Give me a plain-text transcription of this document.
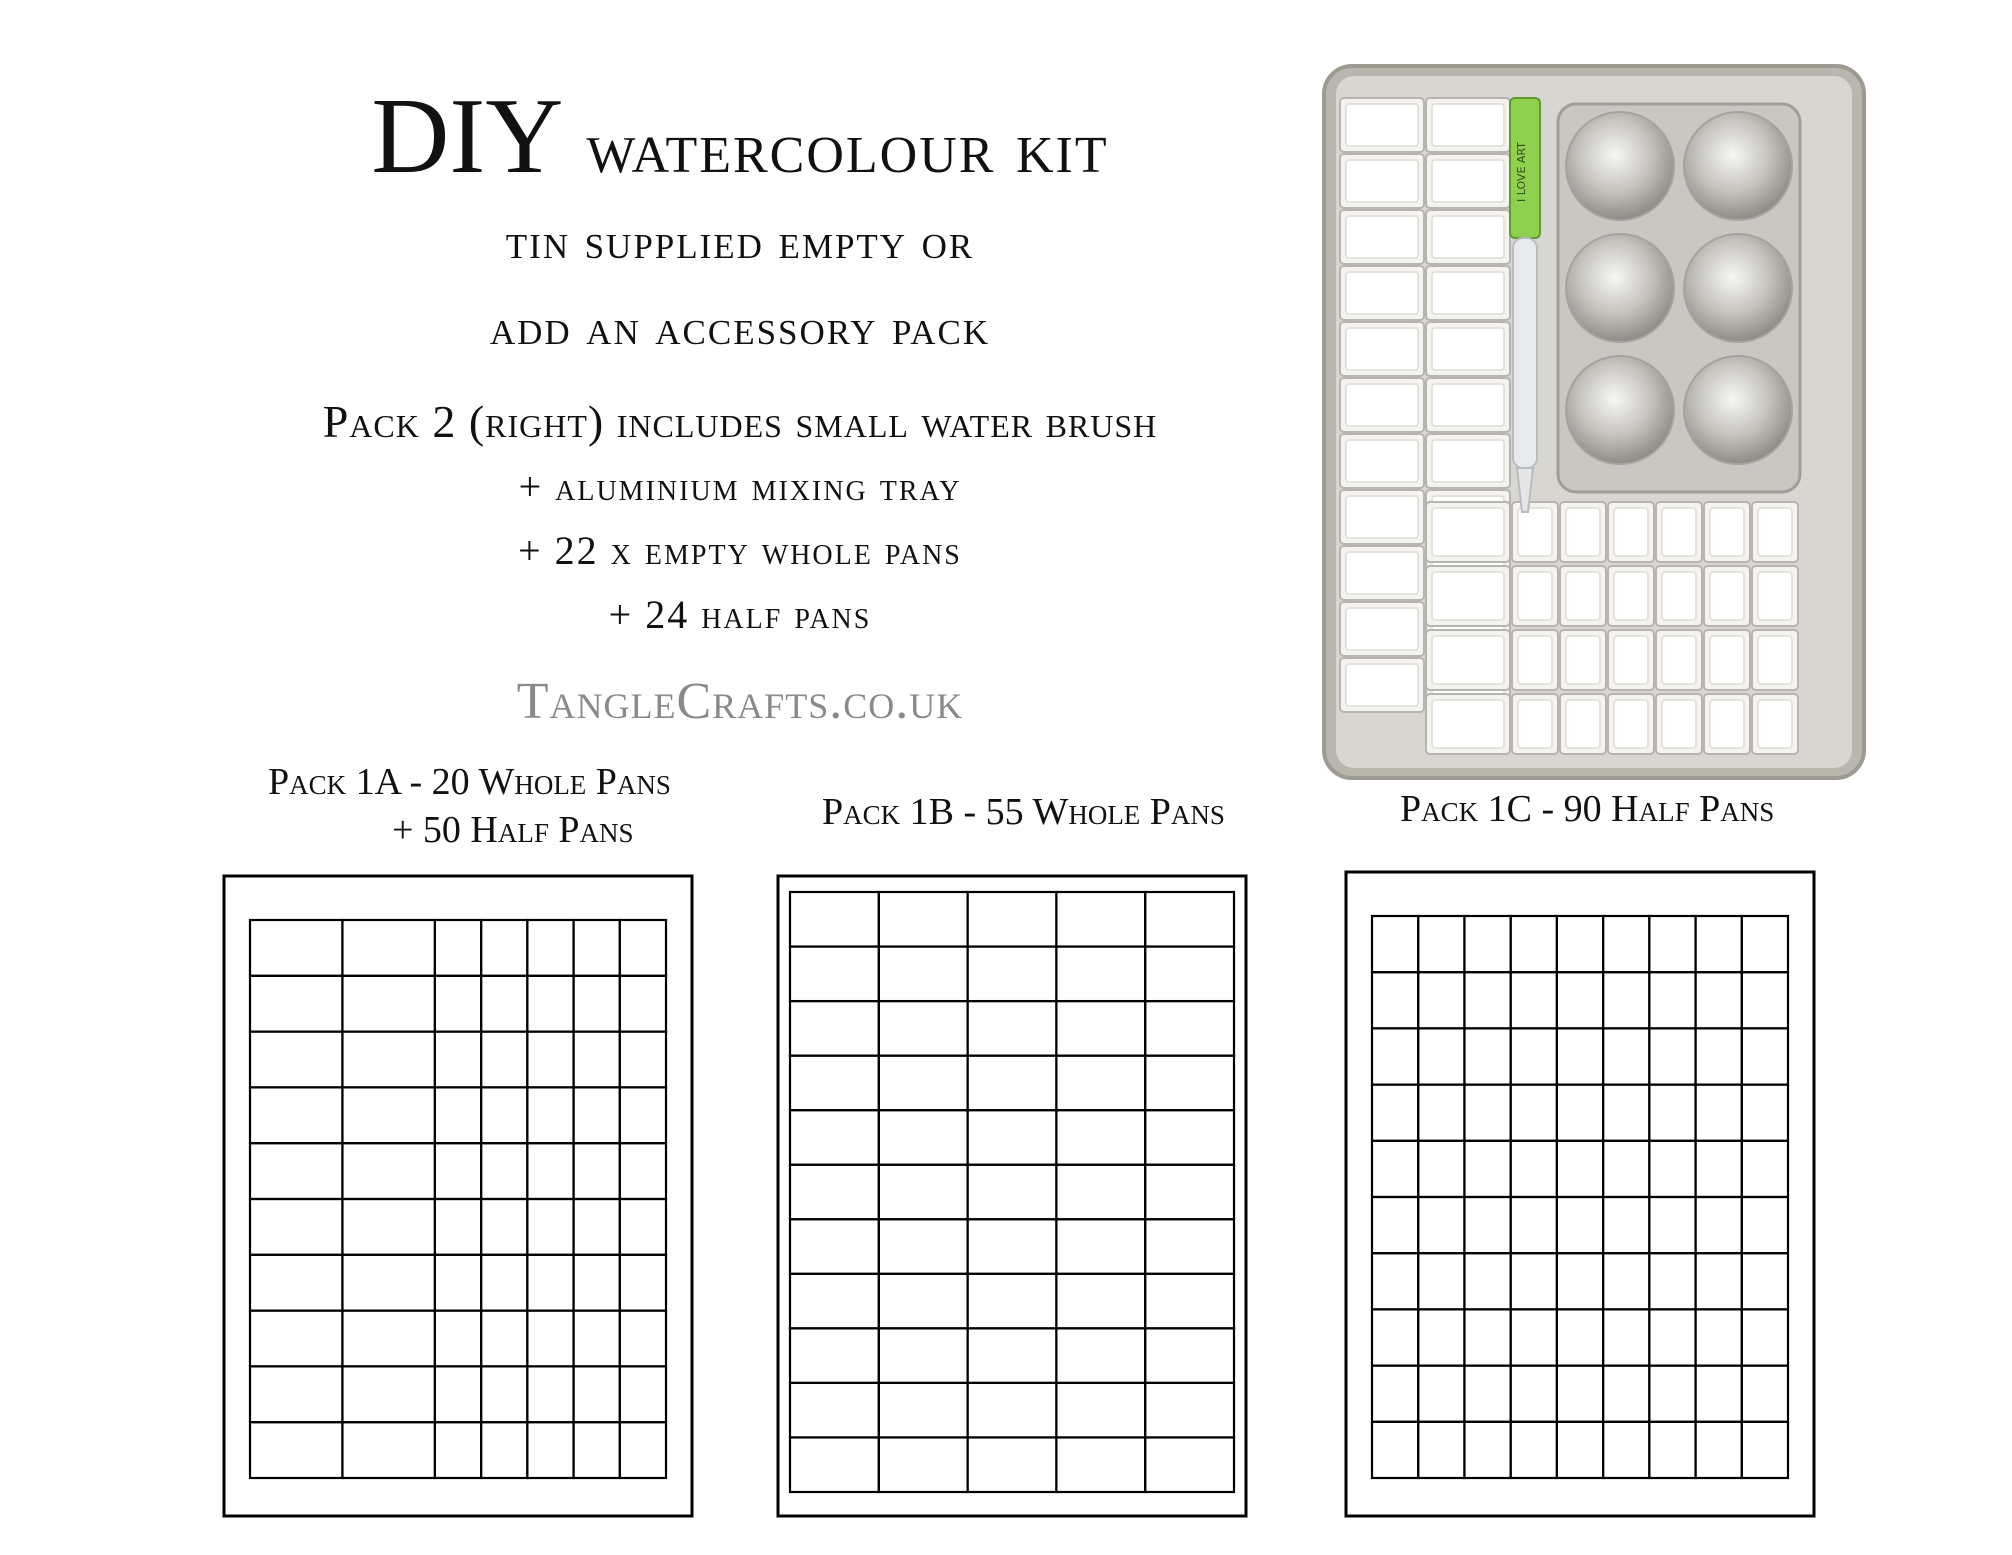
DIY watercolour kit
tin supplied empty or
add an accessory pack
Pack 2 (right) includes small water brush
+ aluminium mixing tray
+ 22 x empty whole pans
+ 24 half pans
TangleCrafts.co.uk
I LOVE ART
Pack 1A - 20 Whole Pans
+ 50 Half Pans	Pack 1B - 55 Whole Pans	Pack 1C - 90 Half Pans
